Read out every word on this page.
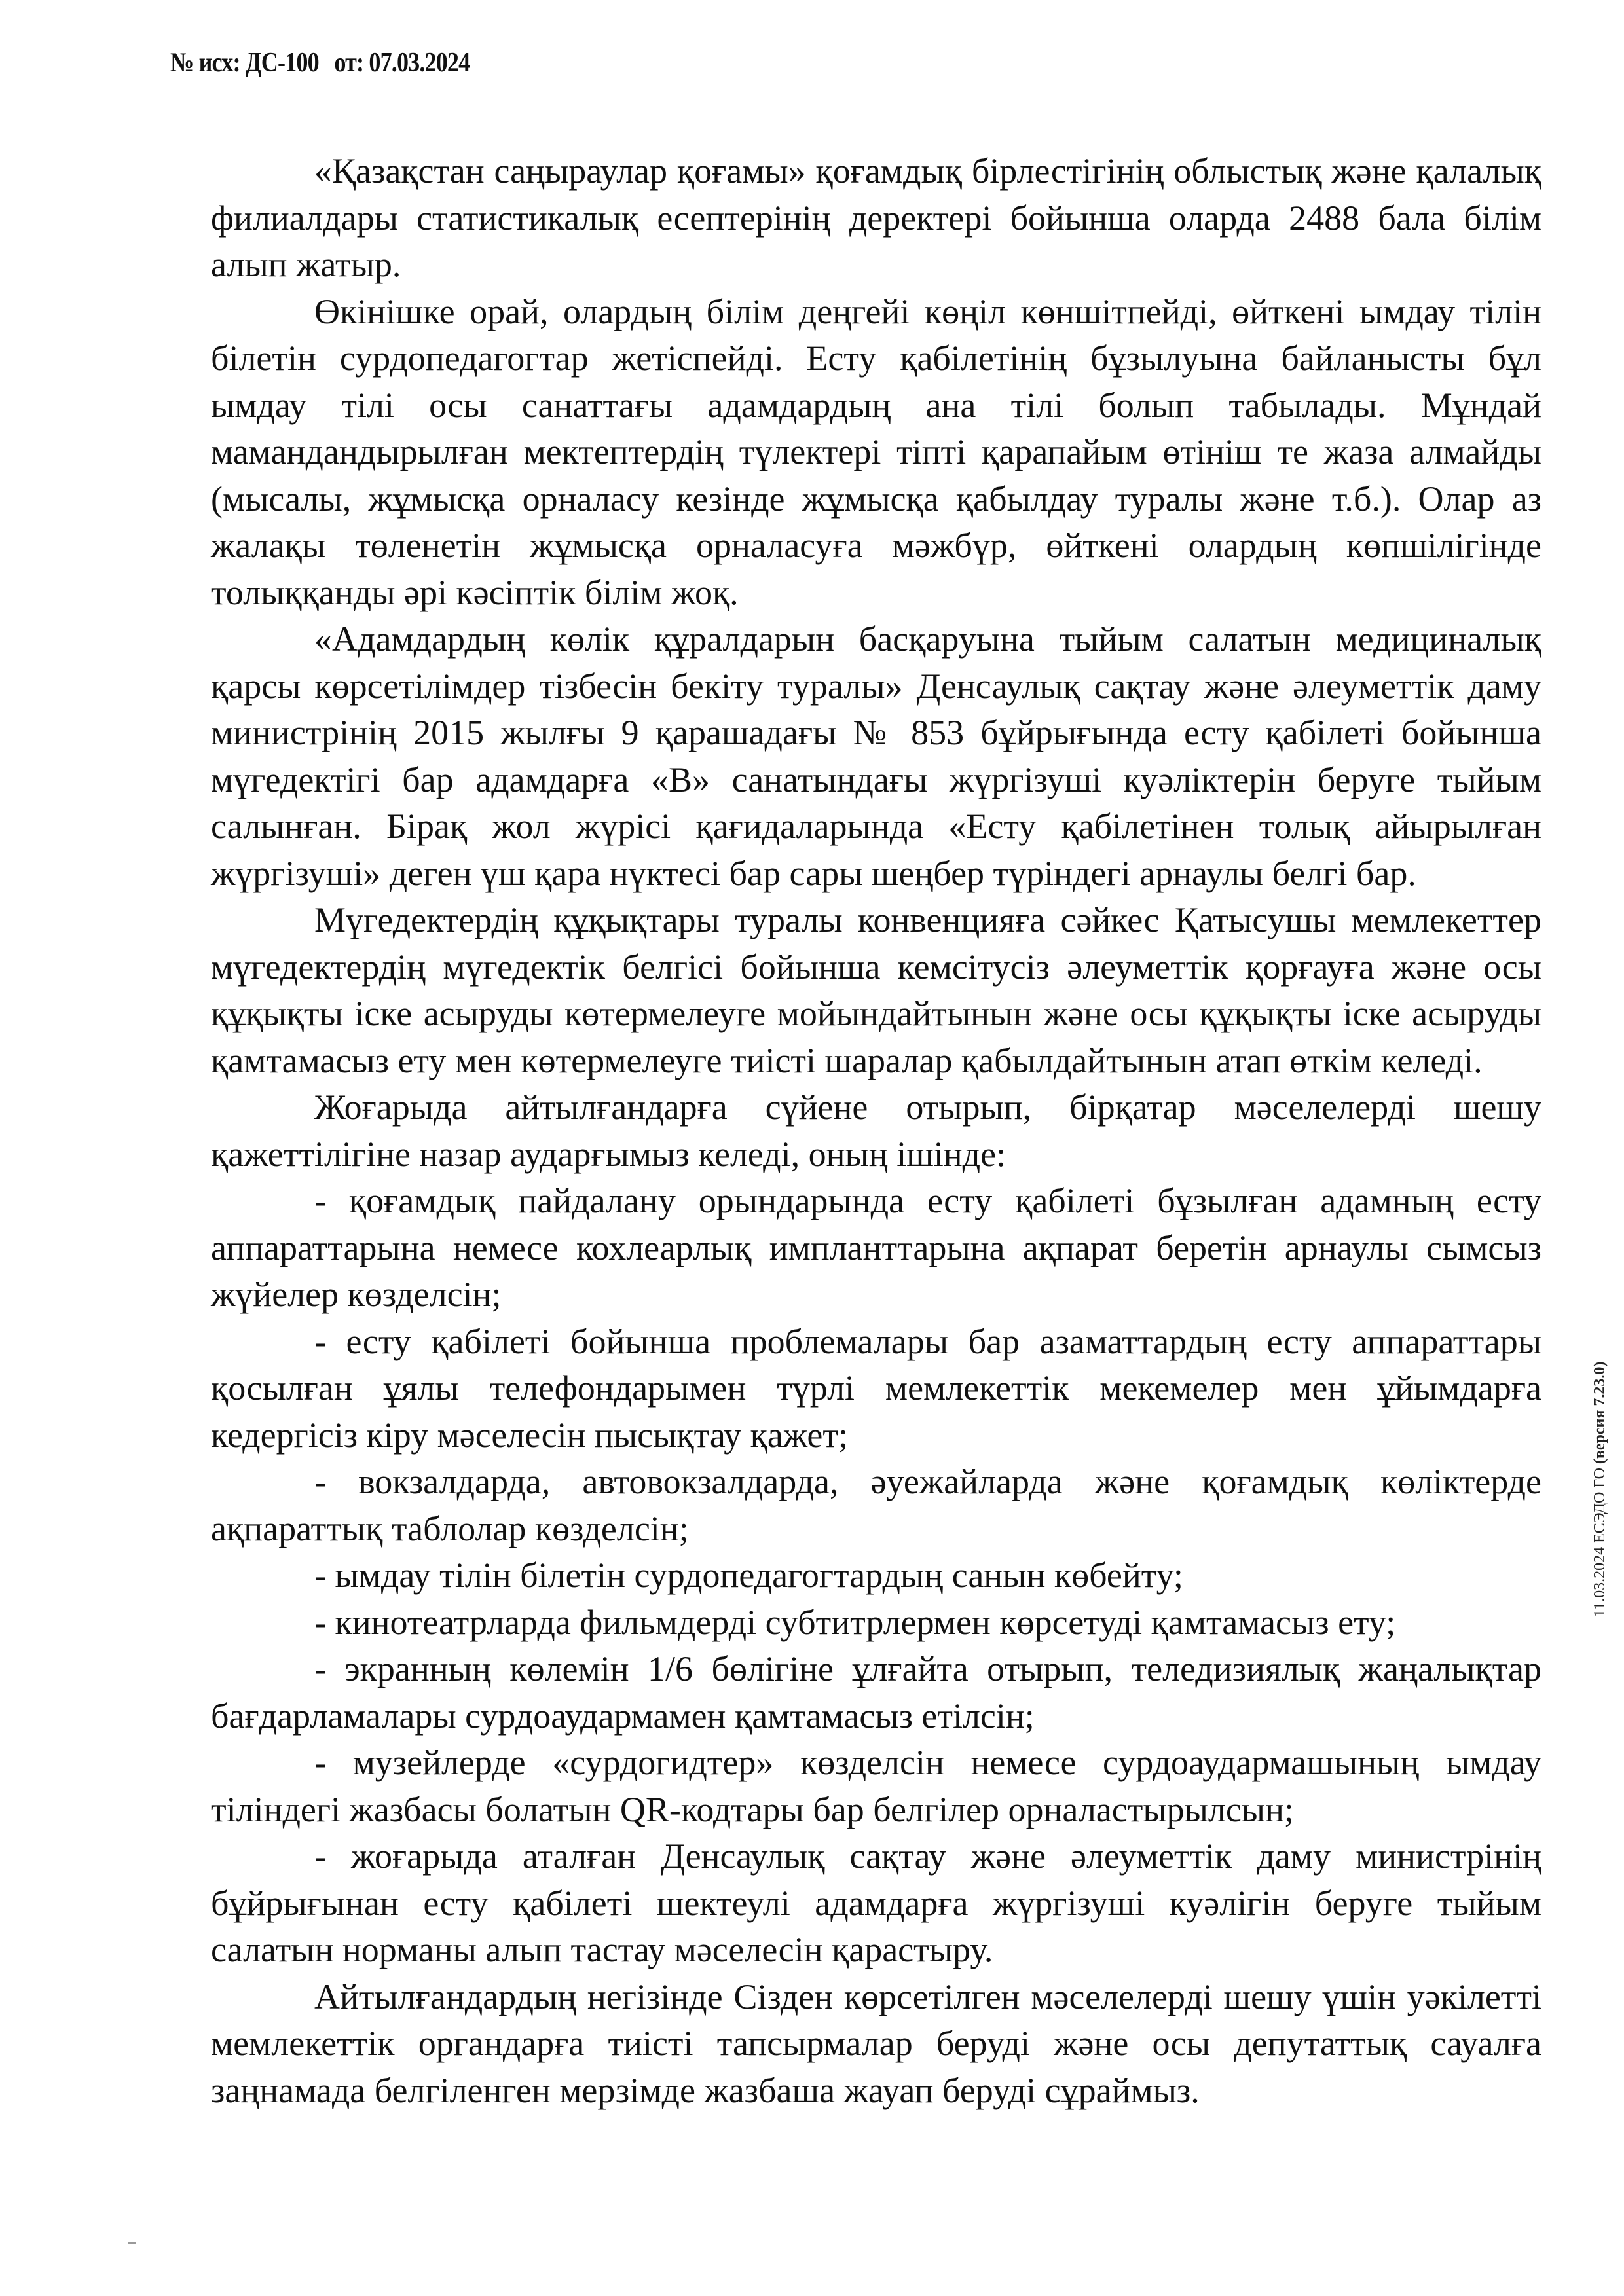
№ исх: ДС-100 от: 07.03.2024

«Қазақстан саңыраулар қоғамы» қоғамдық бірлестігінің облыстық және қалалық филиалдары статистикалық есептерінің деректері бойынша оларда 2488 бала білім алып жатыр.

Өкінішке орай, олардың білім деңгейі көңіл көншітпейді, өйткені ымдау тілін білетін сурдопедагогтар жетіспейді. Есту қабілетінің бұзылуына байланысты бұл ымдау тілі осы санаттағы адамдардың ана тілі болып табылады. Мұндай мамандандырылған мектептердің түлектері тіпті қарапайым өтініш те жаза алмайды (мысалы, жұмысқа орналасу кезінде жұмысқа қабылдау туралы және т.б.). Олар аз жалақы төленетін жұмысқа орналасуға мәжбүр, өйткені олардың көпшілігінде толыққанды әрі кәсіптік білім жоқ.

«Адамдардың көлік құралдарын басқаруына тыйым салатын медициналық қарсы көрсетілімдер тізбесін бекіту туралы» Денсаулық сақтау және әлеуметтік даму министрінің 2015 жылғы 9 қарашадағы № 853 бұйрығында есту қабілеті бойынша мүгедектігі бар адамдарға «В» санатындағы жүргізуші куәліктерін беруге тыйым салынған. Бірақ жол жүрісі қағидаларында «Есту қабілетінен толық айырылған жүргізуші» деген үш қара нүктесі бар сары шеңбер түріндегі арнаулы белгі бар.

Мүгедектердің құқықтары туралы конвенцияға сәйкес Қатысушы мемлекеттер мүгедектердің мүгедектік белгісі бойынша кемсітусіз әлеуметтік қорғауға және осы құқықты іске асыруды көтермелеуге мойындайтынын және осы құқықты іске асыруды қамтамасыз ету мен көтермелеуге тиісті шаралар қабылдайтынын атап өткім келеді.

Жоғарыда айтылғандарға сүйене отырып, бірқатар мәселелерді шешу қажеттілігіне назар аударғымыз келеді, оның ішінде:

- қоғамдық пайдалану орындарында есту қабілеті бұзылған адамның есту аппараттарына немесе кохлеарлық импланттарына ақпарат беретін арнаулы сымсыз жүйелер көзделсін;
- есту қабілеті бойынша проблемалары бар азаматтардың есту аппараттары қосылған ұялы телефондарымен түрлі мемлекеттік мекемелер мен ұйымдарға кедергісіз кіру мәселесін пысықтау қажет;
- вокзалдарда, автовокзалдарда, әуежайларда және қоғамдық көліктерде ақпараттық таблолар көзделсін;
- ымдау тілін білетін сурдопедагогтардың санын көбейту;
- кинотеатрларда фильмдерді субтитрлермен көрсетуді қамтамасыз ету;
- экранның көлемін 1/6 бөлігіне ұлғайта отырып, теледизиялық жаңалықтар бағдарламалары сурдоаудармамен қамтамасыз етілсін;
- музейлерде «сурдогидтер» көзделсін немесе сурдоаудармашының ымдау тіліндегі жазбасы болатын QR-кодтары бар белгілер орналастырылсын;
- жоғарыда аталған Денсаулық сақтау және әлеуметтік даму министрінің бұйрығынан есту қабілеті шектеулі адамдарға жүргізуші куәлігін беруге тыйым салатын норманы алып тастау мәселесін қарастыру.

Айтылғандардың негізінде Сізден көрсетілген мәселелерді шешу үшін уәкілетті мемлекеттік органдарға тиісті тапсырмалар беруді және осы депутаттық сауалға заңнамада белгіленген мерзімде жазбаша жауап беруді сұраймыз.

11.03.2024 ЕСЭДО ГО (версия 7.23.0)
